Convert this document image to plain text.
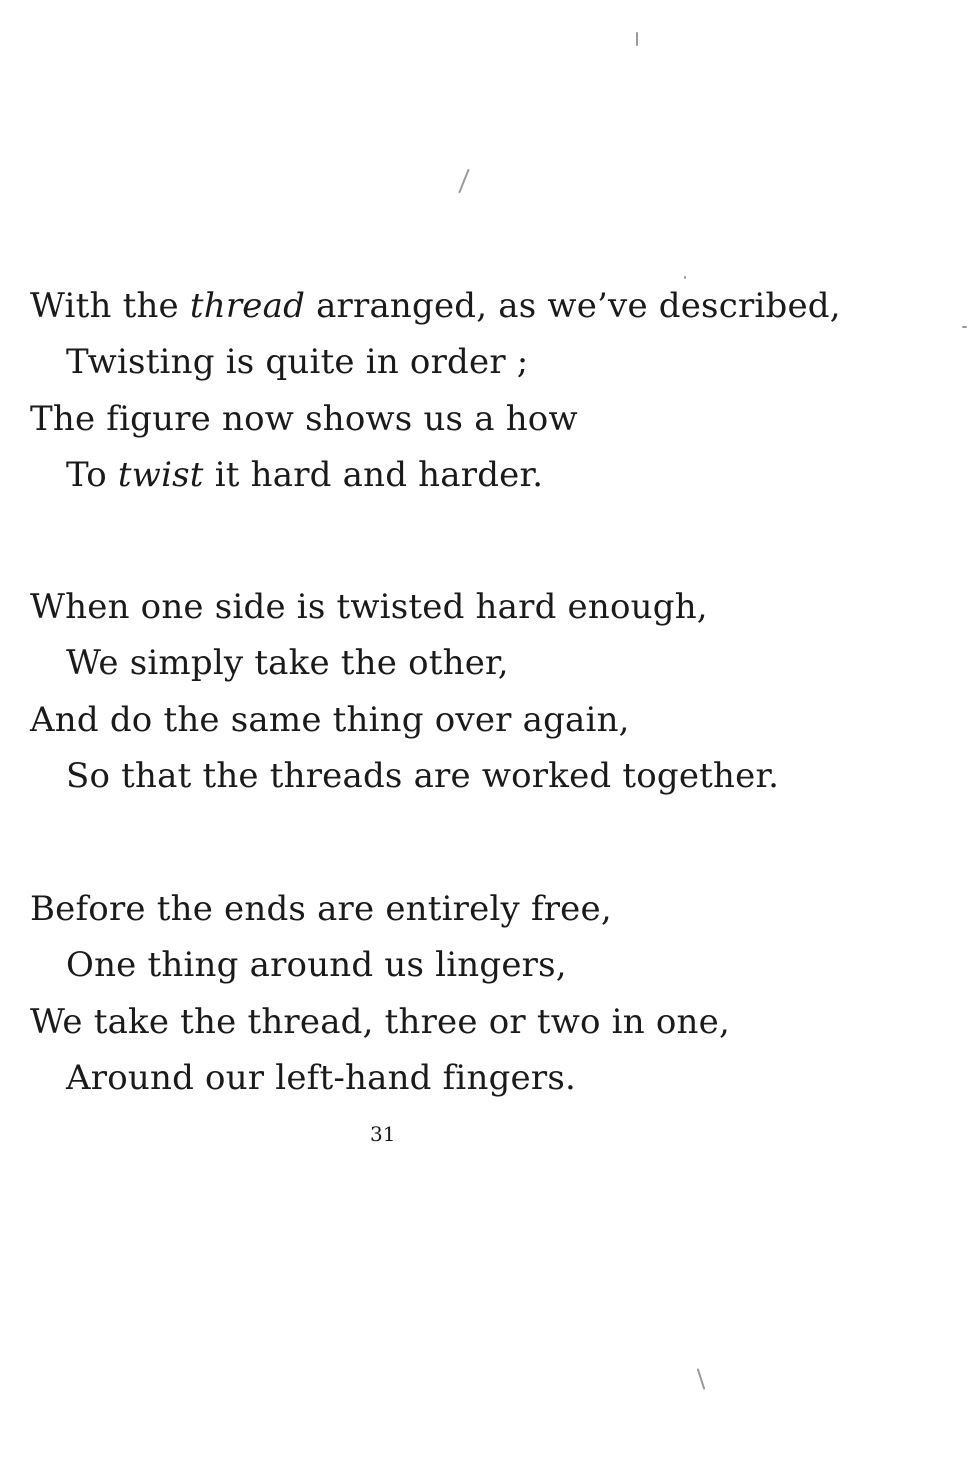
With the thread arranged, as we’ve described,
Twisting is quite in order ;
The figure now shows us a how
To twist it hard and harder.
When one side is twisted hard enough,
We simply take the other,
And do the same thing over again,
So that the threads are worked together.
Before the ends are entirely free,
One thing around us lingers,
We take the thread, three or two in one,
Around our left-hand fingers.
31
